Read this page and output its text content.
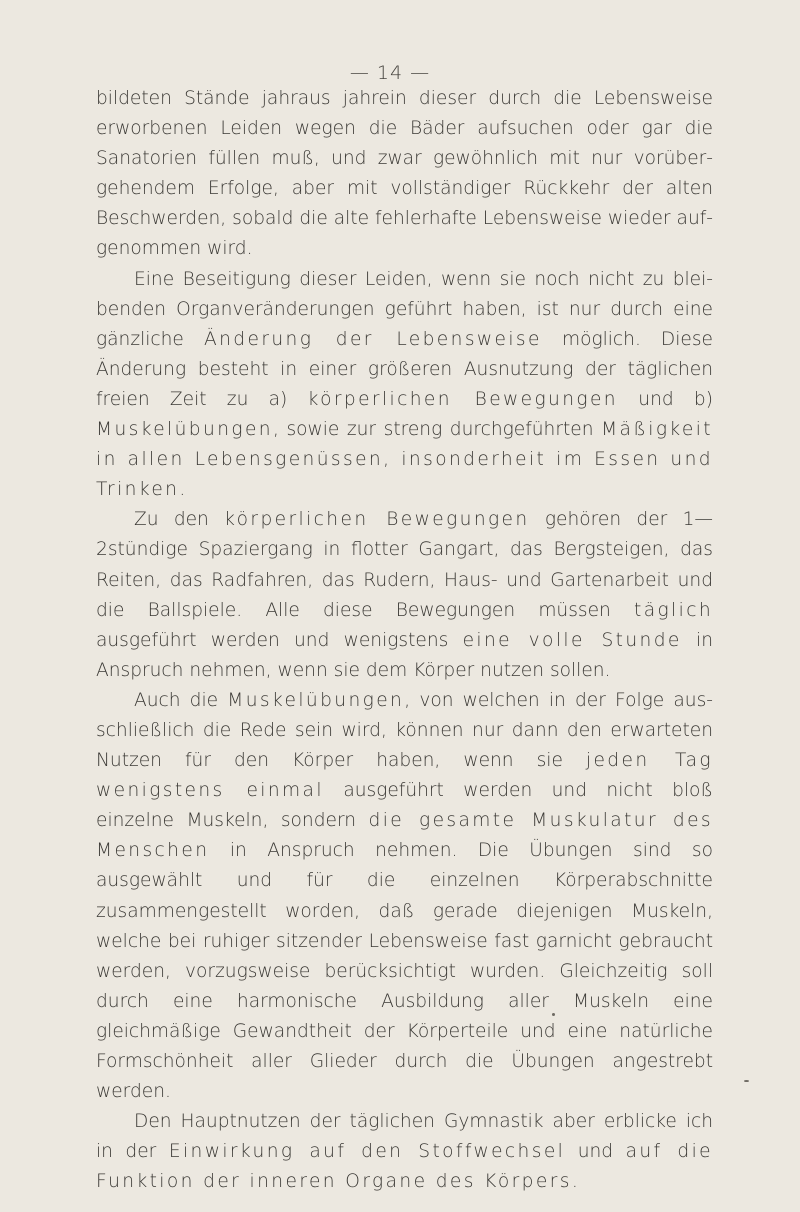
— 14 —

bildeten Stände jahraus jahrein dieser durch die Lebensweise erworbenen Leiden wegen die Bäder aufsuchen oder gar die Sanatorien füllen muß, und zwar gewöhnlich mit nur vorübergehendem Erfolge, aber mit vollständiger Rückkehr der alten Beschwerden, sobald die alte fehlerhafte Lebensweise wieder aufgenommen wird.

Eine Beseitigung dieser Leiden, wenn sie noch nicht zu bleibenden Organveränderungen geführt haben, ist nur durch eine gänzliche Änderung der Lebensweise möglich. Diese Änderung besteht in einer größeren Ausnutzung der täglichen freien Zeit zu a) körperlichen Bewegungen und b) Muskelübungen, sowie zur streng durchgeführten Mäßigkeit in allen Lebensgenüssen, insonderheit im Essen und Trinken.

Zu den körperlichen Bewegungen gehören der 1—2stündige Spaziergang in flotter Gangart, das Bergsteigen, das Reiten, das Radfahren, das Rudern, Haus- und Gartenarbeit und die Ballspiele. Alle diese Bewegungen müssen täglich ausgeführt werden und wenigstens eine volle Stunde in Anspruch nehmen, wenn sie dem Körper nutzen sollen.

Auch die Muskelübungen, von welchen in der Folge ausschließlich die Rede sein wird, können nur dann den erwarteten Nutzen für den Körper haben, wenn sie jeden Tag wenigstens einmal ausgeführt werden und nicht bloß einzelne Muskeln, sondern die gesamte Muskulatur des Menschen in Anspruch nehmen. Die Übungen sind so ausgewählt und für die einzelnen Körperabschnitte zusammengestellt worden, daß gerade diejenigen Muskeln, welche bei ruhiger sitzender Lebensweise fast garnicht gebraucht werden, vorzugsweise berücksichtigt wurden. Gleichzeitig soll durch eine harmonische Ausbildung aller Muskeln eine gleichmäßige Gewandtheit der Körperteile und eine natürliche Formschönheit aller Glieder durch die Übungen angestrebt werden.

Den Hauptnutzen der täglichen Gymnastik aber erblicke ich in der Einwirkung auf den Stoffwechsel und auf die Funktion der inneren Organe des Körpers.
